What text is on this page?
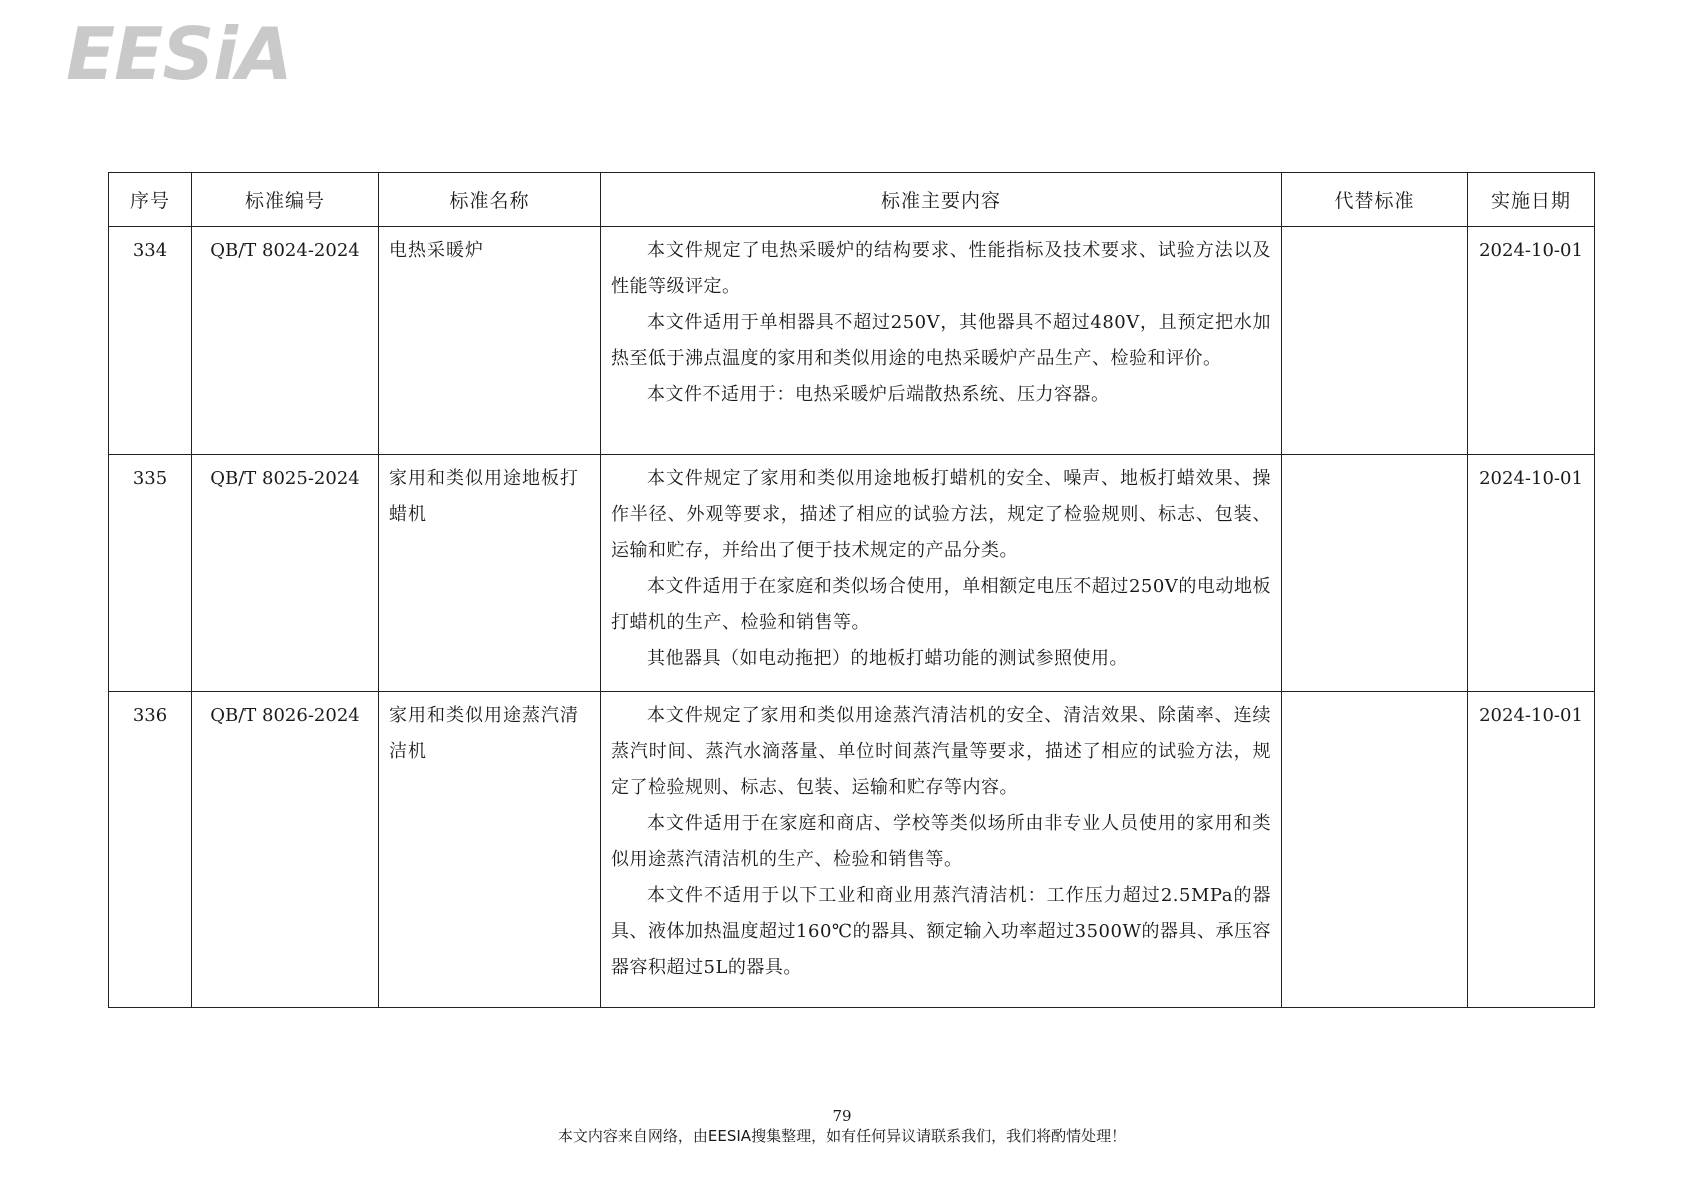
EESiA
序号	标准编号	标准名称	标准主要内容	代替标准	实施日期
334	QB/T 8024-2024	电热采暖炉	本文件规定了电热采暖炉的结构要求、性能指标及技术要求、试验方法以及性能等级评定。

本文件适用于单相器具不超过250V，其他器具不超过480V，且预定把水加热至低于沸点温度的家用和类似用途的电热采暖炉产品生产、检验和评价。

本文件不适用于：电热采暖炉后端散热系统、压力容器。		2024-10-01
335	QB/T 8025-2024	家用和类似用途地板打蜡机	本文件规定了家用和类似用途地板打蜡机的安全、噪声、地板打蜡效果、操作半径、外观等要求，描述了相应的试验方法，规定了检验规则、标志、包装、运输和贮存，并给出了便于技术规定的产品分类。

本文件适用于在家庭和类似场合使用，单相额定电压不超过250V的电动地板打蜡机的生产、检验和销售等。

其他器具（如电动拖把）的地板打蜡功能的测试参照使用。		2024-10-01
336	QB/T 8026-2024	家用和类似用途蒸汽清洁机	本文件规定了家用和类似用途蒸汽清洁机的安全、清洁效果、除菌率、连续蒸汽时间、蒸汽水滴落量、单位时间蒸汽量等要求，描述了相应的试验方法，规定了检验规则、标志、包装、运输和贮存等内容。

本文件适用于在家庭和商店、学校等类似场所由非专业人员使用的家用和类似用途蒸汽清洁机的生产、检验和销售等。

本文件不适用于以下工业和商业用蒸汽清洁机：工作压力超过2.5MPa的器具、液体加热温度超过160℃的器具、额定输入功率超过3500W的器具、承压容器容积超过5L的器具。		2024-10-01
79
本文内容来自网络，由EESIA搜集整理，如有任何异议请联系我们，我们将酌情处理！
